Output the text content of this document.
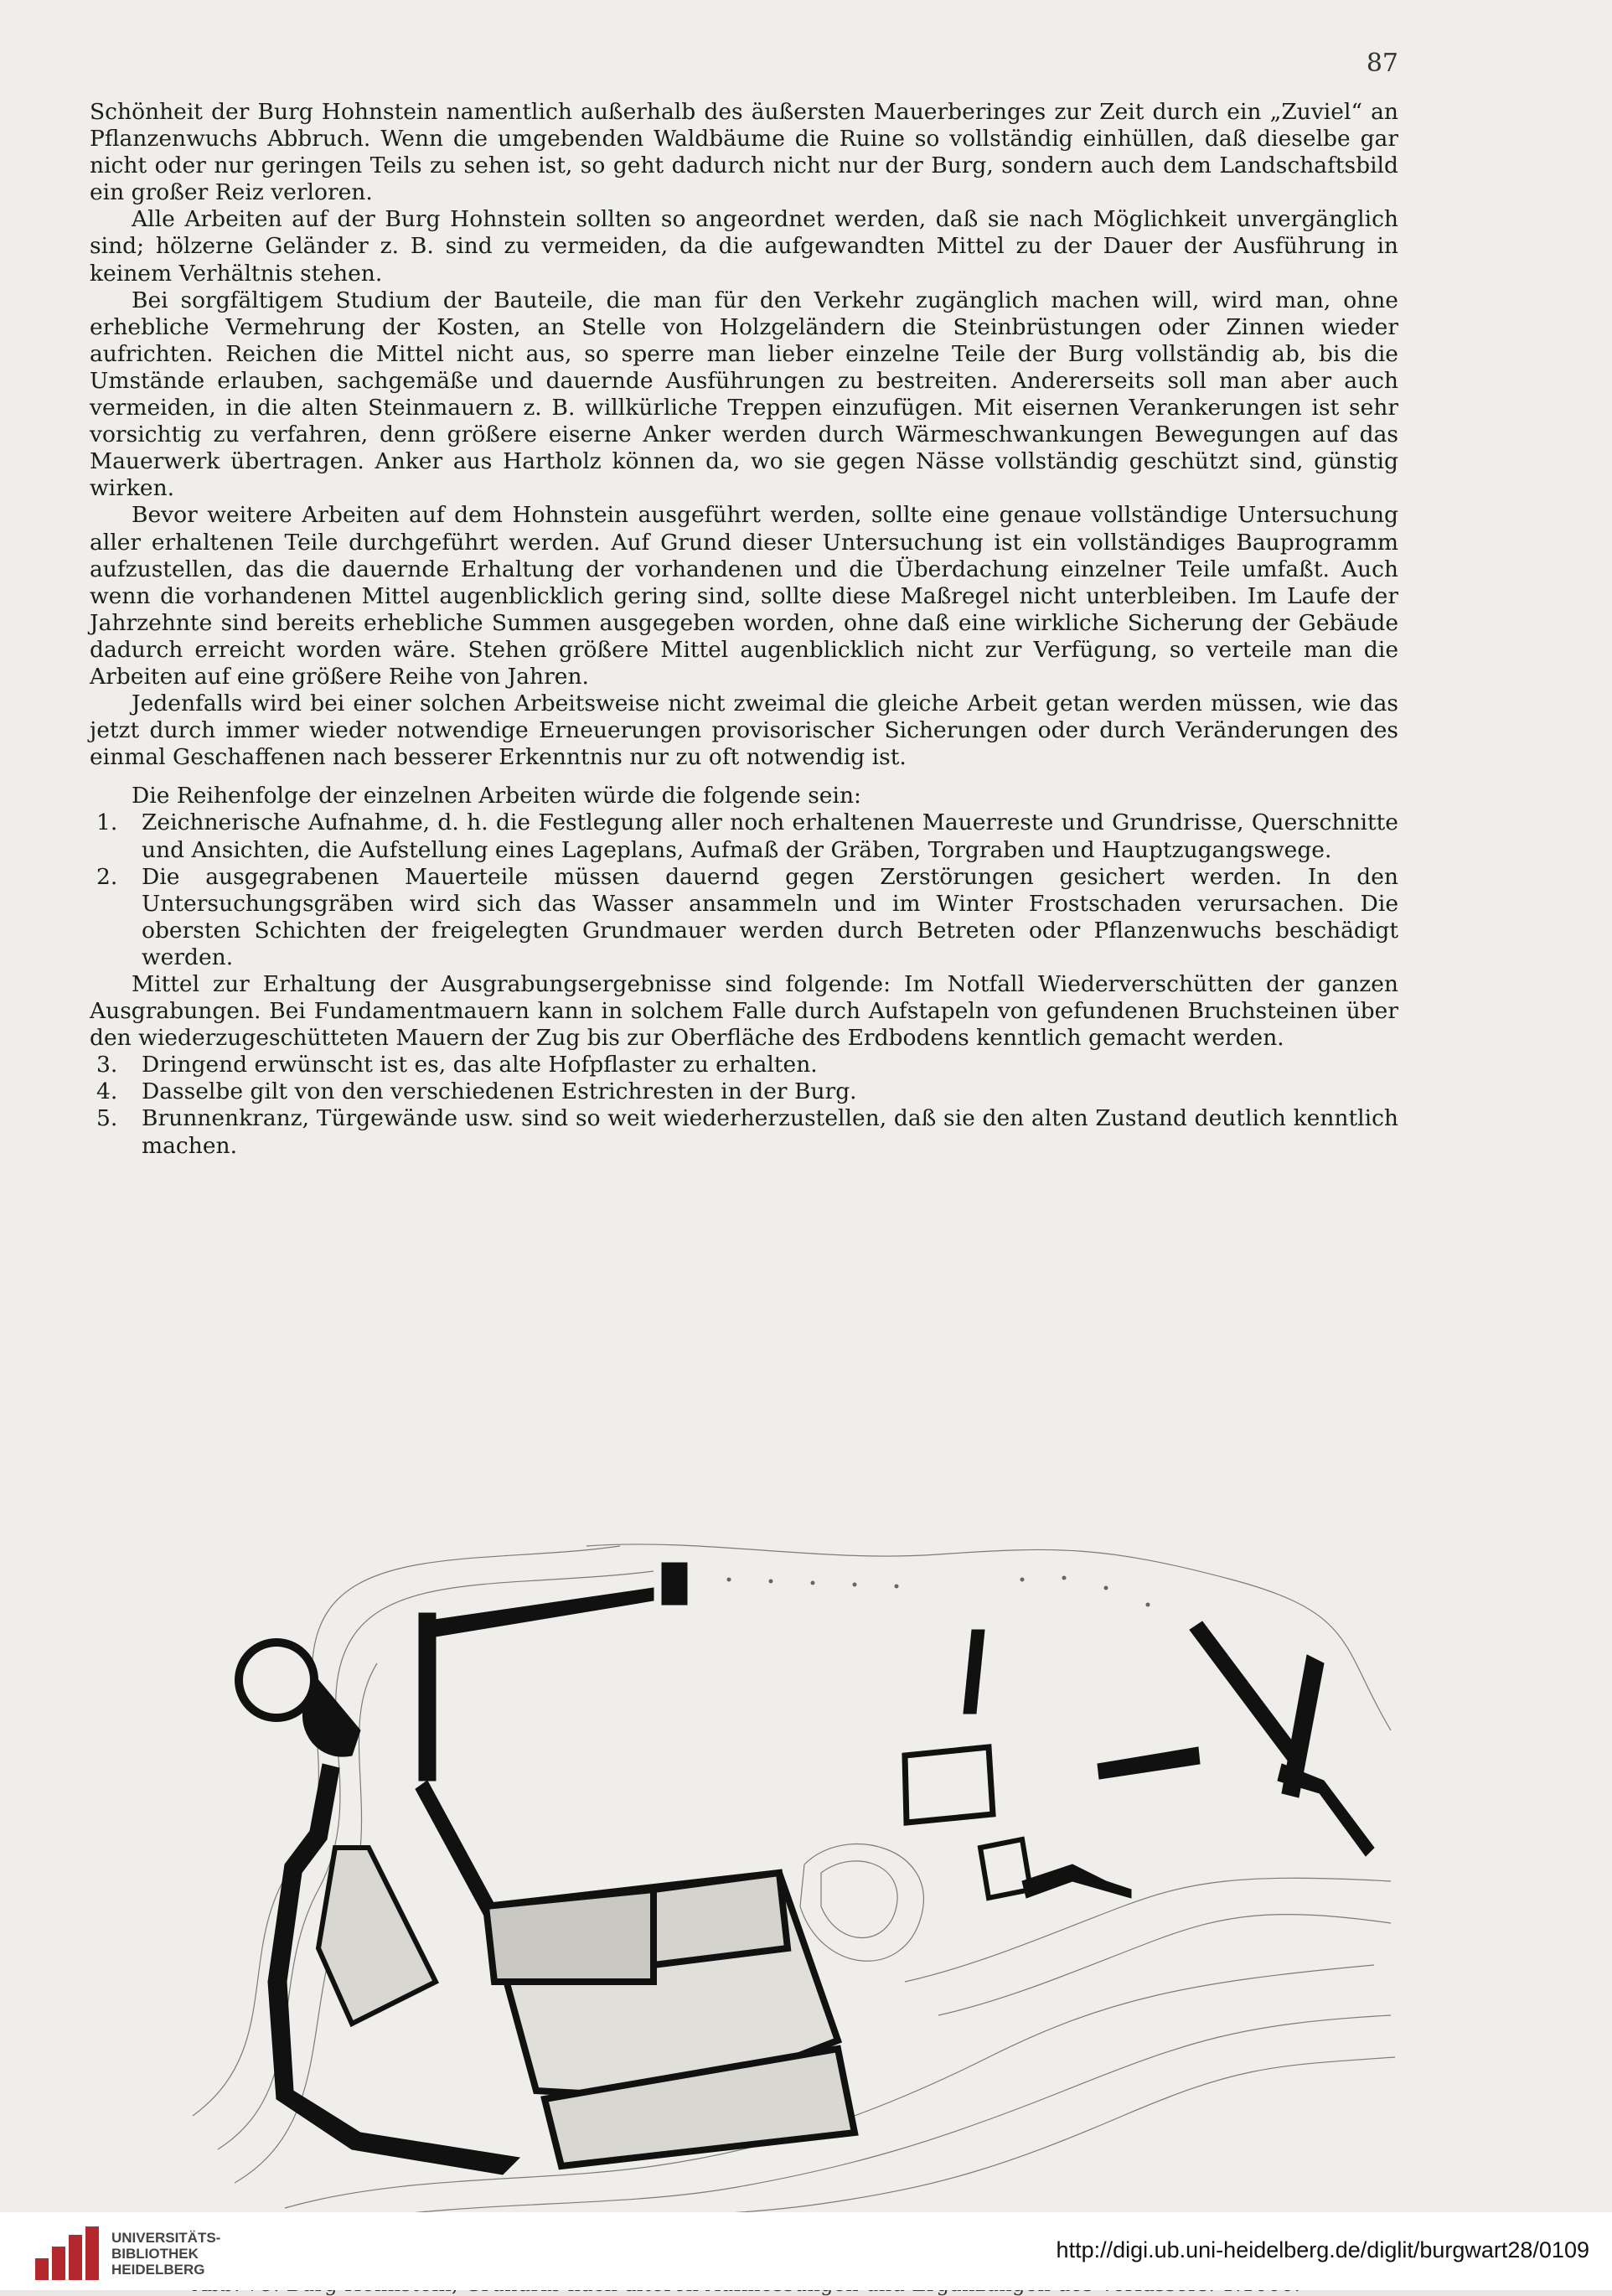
87

Schönheit der Burg Hohnstein namentlich außerhalb des äußersten Mauerberinges zur Zeit durch ein „Zuviel“ an Pflanzenwuchs Abbruch. Wenn die umgebenden Waldbäume die Ruine so vollständig einhüllen, daß dieselbe gar nicht oder nur geringen Teils zu sehen ist, so geht dadurch nicht nur der Burg, sondern auch dem Landschaftsbild ein großer Reiz verloren.

Alle Arbeiten auf der Burg Hohnstein sollten so angeordnet werden, daß sie nach Möglichkeit unvergänglich sind; hölzerne Geländer z. B. sind zu vermeiden, da die aufgewandten Mittel zu der Dauer der Ausführung in keinem Verhältnis stehen.

Bei sorgfältigem Studium der Bauteile, die man für den Verkehr zugänglich machen will, wird man, ohne erhebliche Vermehrung der Kosten, an Stelle von Holzgeländern die Steinbrüstungen oder Zinnen wieder aufrichten. Reichen die Mittel nicht aus, so sperre man lieber einzelne Teile der Burg vollständig ab, bis die Umstände erlauben, sachgemäße und dauernde Ausführungen zu bestreiten. Andererseits soll man aber auch vermeiden, in die alten Steinmauern z. B. willkürliche Treppen einzufügen. Mit eisernen Verankerungen ist sehr vorsichtig zu verfahren, denn größere eiserne Anker werden durch Wärmeschwankungen Bewegungen auf das Mauerwerk übertragen. Anker aus Hartholz können da, wo sie gegen Nässe vollständig geschützt sind, günstig wirken.

Bevor weitere Arbeiten auf dem Hohnstein ausgeführt werden, sollte eine genaue vollständige Untersuchung aller erhaltenen Teile durchgeführt werden. Auf Grund dieser Untersuchung ist ein vollständiges Bauprogramm aufzustellen, das die dauernde Erhaltung der vorhandenen und die Überdachung einzelner Teile umfaßt. Auch wenn die vorhandenen Mittel augenblicklich gering sind, sollte diese Maßregel nicht unterbleiben. Im Laufe der Jahrzehnte sind bereits erhebliche Summen ausgegeben worden, ohne daß eine wirkliche Sicherung der Gebäude dadurch erreicht worden wäre. Stehen größere Mittel augenblicklich nicht zur Verfügung, so verteile man die Arbeiten auf eine größere Reihe von Jahren.

Jedenfalls wird bei einer solchen Arbeitsweise nicht zweimal die gleiche Arbeit getan werden müssen, wie das jetzt durch immer wieder notwendige Erneuerungen provisorischer Sicherungen oder durch Veränderungen des einmal Geschaffenen nach besserer Erkenntnis nur zu oft notwendig ist.

Die Reihenfolge der einzelnen Arbeiten würde die folgende sein:

1. Zeichnerische Aufnahme, d. h. die Festlegung aller noch erhaltenen Mauerreste und Grundrisse, Querschnitte und Ansichten, die Aufstellung eines Lageplans, Aufmaß der Gräben, Torgraben und Hauptzugangswege.
2. Die ausgegrabenen Mauerteile müssen dauernd gegen Zerstörungen gesichert werden. In den Untersuchungsgräben wird sich das Wasser ansammeln und im Winter Frostschaden verursachen. Die obersten Schichten der freigelegten Grundmauer werden durch Betreten oder Pflanzenwuchs beschädigt werden.

Mittel zur Erhaltung der Ausgrabungsergebnisse sind folgende: Im Notfall Wiederverschütten der ganzen Ausgrabungen. Bei Fundamentmauern kann in solchem Falle durch Aufstapeln von gefundenen Bruchsteinen über den wiederzugeschütteten Mauern der Zug bis zur Oberfläche des Erdbodens kenntlich gemacht werden.

3. Dringend erwünscht ist es, das alte Hofpflaster zu erhalten.
4. Dasselbe gilt von den verschiedenen Estrichresten in der Burg.
5. Brunnenkranz, Türgewände usw. sind so weit wiederherzustellen, daß sie den alten Zustand deutlich kenntlich machen.
UNIVERSITÄTS-
BIBLIOTHEK
HEIDELBERG
http://digi.ub.uni-heidelberg.de/diglit/burgwart28/0109
